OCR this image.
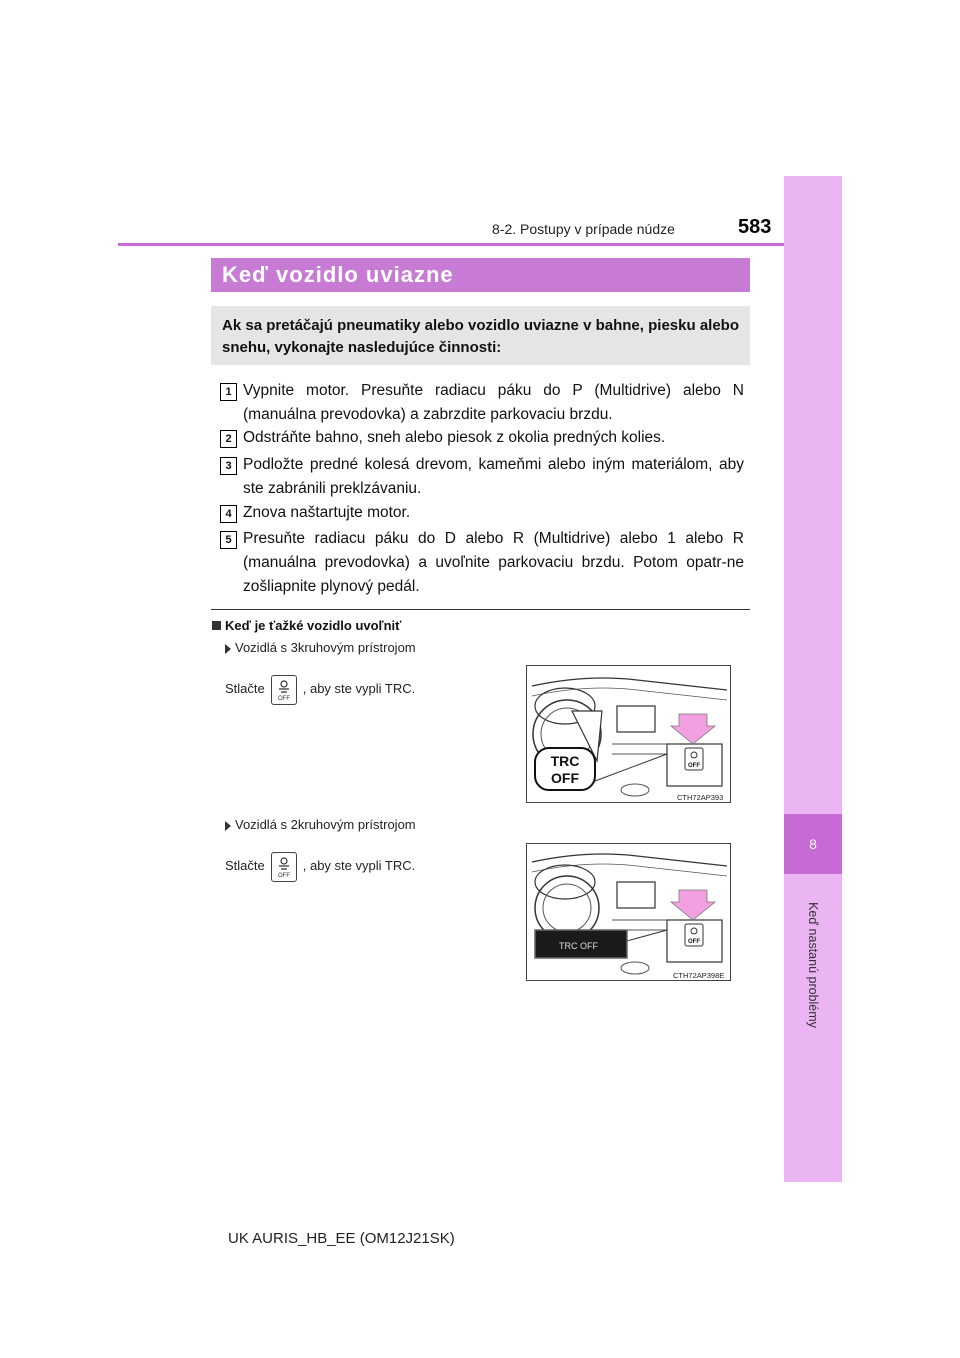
8
Keď nastanú problémy
8-2. Postupy v prípade núdze	583
Keď vozidlo uviazne

Ak sa pretáčajú pneumatiky alebo vozidlo uviazne v bahne, piesku alebo snehu, vykonajte nasledujúce činnosti:

1 Vypnite motor. Presuňte radiacu páku do P (Multidrive) alebo N (manuálna prevodovka) a zabrzdite parkovaciu brzdu.

2 Odstráňte bahno, sneh alebo piesok z okolia predných kolies.

3 Podložte predné kolesá drevom, kameňmi alebo iným materiálom, aby ste zabránili preklzávaniu.

4 Znova naštartujte motor.

5 Presuňte radiacu páku do D alebo R (Multidrive) alebo 1 alebo R (manuálna prevodovka) a uvoľnite parkovaciu brzdu. Potom opatr-ne zošliapnite plynový pedál.

Keď je ťažké vozidlo uvoľniť
Vozidlá s 3kruhovým prístrojom
Stlačte
OFF
, aby ste vypli TRC.
Vozidlá s 2kruhovým prístrojom
Stlačte
OFF
, aby ste vypli TRC.
OFF
TRC
OFF
CTH72AP393
OFF
TRC OFF
CTH72AP398E
UK AURIS_HB_EE (OM12J21SK)
